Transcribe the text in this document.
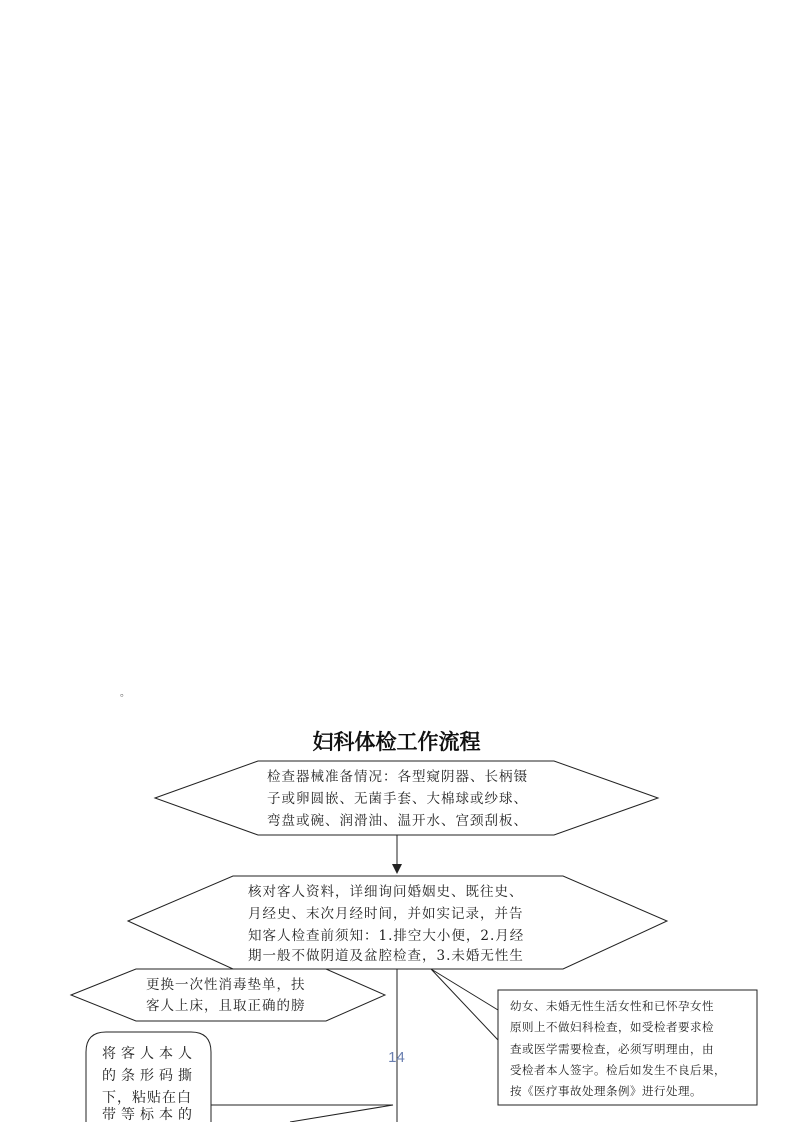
。
妇科体检工作流程
检查器械准备情况：各型窥阴器、长柄镊
子或卵圆嵌、无菌手套、大棉球或纱球、
弯盘或碗、润滑油、温开水、宫颈刮板、
核对客人资料，详细询问婚姻史、既往史、
月经史、末次月经时间，并如实记录，并告
知客人检查前须知：1.排空大小便，2.月经
期一般不做阴道及盆腔检查，3.未婚无性生
更换一次性消毒垫单，扶
客人上床，且取正确的膀	幼女、未婚无性生活女性和已怀孕女性
原则上不做妇科检查，如受检者要求检
查或医学需要检查，必须写明理由，由
受检者本人签字。检后如发生不良后果，
按《医疗事故处理条例》进行处理。
将客人本人
的条形码撕
下，粘贴在白
带等标本的
14
